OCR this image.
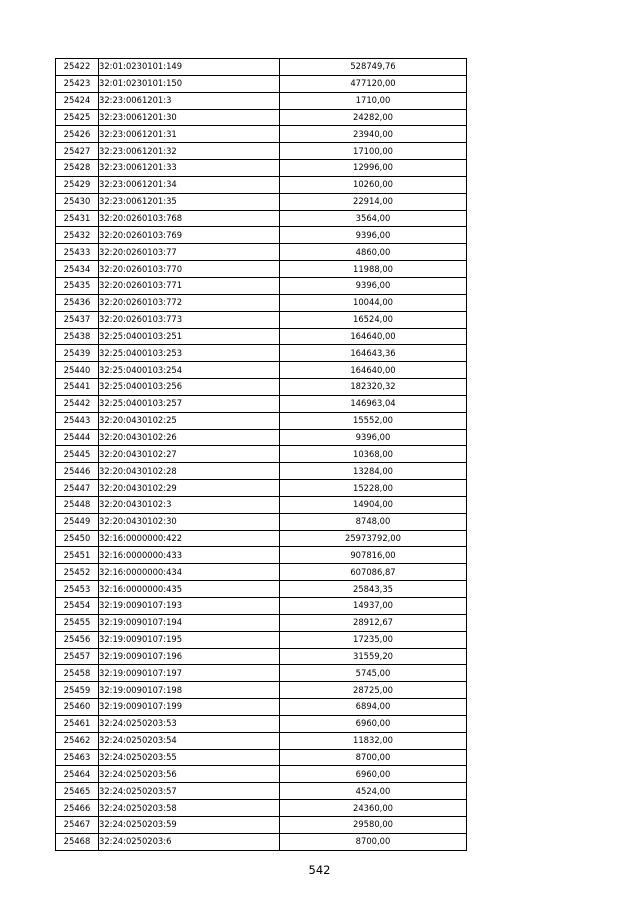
25422	32:01:0230101:149	528749,76
25423	32:01:0230101:150	477120,00
25424	32:23:0061201:3	1710,00
25425	32:23:0061201:30	24282,00
25426	32:23:0061201:31	23940,00
25427	32:23:0061201:32	17100,00
25428	32:23:0061201:33	12996,00
25429	32:23:0061201:34	10260,00
25430	32:23:0061201:35	22914,00
25431	32:20:0260103:768	3564,00
25432	32:20:0260103:769	9396,00
25433	32:20:0260103:77	4860,00
25434	32:20:0260103:770	11988,00
25435	32:20:0260103:771	9396,00
25436	32:20:0260103:772	10044,00
25437	32:20:0260103:773	16524,00
25438	32:25:0400103:251	164640,00
25439	32:25:0400103:253	164643,36
25440	32:25:0400103:254	164640,00
25441	32:25:0400103:256	182320,32
25442	32:25:0400103:257	146963,04
25443	32:20:0430102:25	15552,00
25444	32:20:0430102:26	9396,00
25445	32:20:0430102:27	10368,00
25446	32:20:0430102:28	13284,00
25447	32:20:0430102:29	15228,00
25448	32:20:0430102:3	14904,00
25449	32:20:0430102:30	8748,00
25450	32:16:0000000:422	25973792,00
25451	32:16:0000000:433	907816,00
25452	32:16:0000000:434	607086,87
25453	32:16:0000000:435	25843,35
25454	32:19:0090107:193	14937,00
25455	32:19:0090107:194	28912,67
25456	32:19:0090107:195	17235,00
25457	32:19:0090107:196	31559,20
25458	32:19:0090107:197	5745,00
25459	32:19:0090107:198	28725,00
25460	32:19:0090107:199	6894,00
25461	32:24:0250203:53	6960,00
25462	32:24:0250203:54	11832,00
25463	32:24:0250203:55	8700,00
25464	32:24:0250203:56	6960,00
25465	32:24:0250203:57	4524,00
25466	32:24:0250203:58	24360,00
25467	32:24:0250203:59	29580,00
25468	32:24:0250203:6	8700,00
542
